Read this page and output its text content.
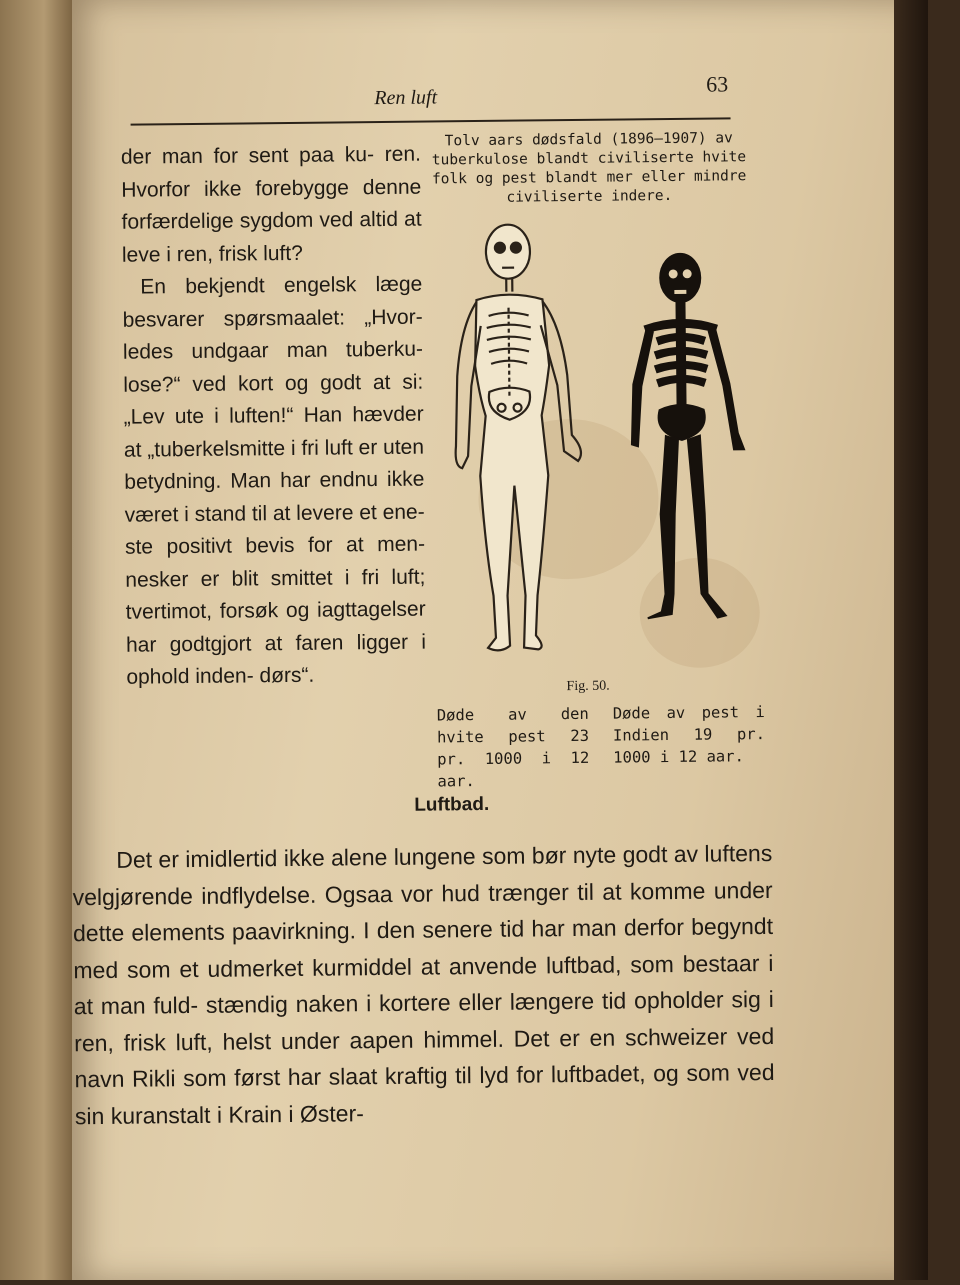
Ren luft
63

der man for sent paa ku- ren. Hvorfor ikke forebygge denne forfærdelige sygdom ved altid at leve i ren, frisk luft?

En bekjendt engelsk læge besvarer spørsmaalet: „Hvor- ledes undgaar man tuberku- lose?“ ved kort og godt at si: „Lev ute i luften!“ Han hævder at „tuberkelsmitte i fri luft er uten betydning. Man har endnu ikke været i stand til at levere et ene- ste positivt bevis for at men- nesker er blit smittet i fri luft; tvertimot, forsøk og iagttagelser har godtgjort at faren ligger i ophold inden- dørs“.

Tolv aars dødsfald (1896—1907) av tuberkulose blandt civiliserte hvite folk og pest blandt mer eller mindre civiliserte indere.
Fig. 50.
Døde av den hvite pest 23 pr. 1000 i 12 aar.
Døde av pest i Indien 19 pr. 1000 i 12 aar.
Luftbad.

Det er imidlertid ikke alene lungene som bør nyte godt av luftens velgjørende indflydelse. Ogsaa vor hud trænger til at komme under dette elements paavirkning. I den senere tid har man derfor begyndt med som et udmerket kurmiddel at anvende luftbad, som bestaar i at man fuld- stændig naken i kortere eller længere tid opholder sig i ren, frisk luft, helst under aapen himmel. Det er en schweizer ved navn Rikli som først har slaat kraftig til lyd for luftbadet, og som ved sin kuranstalt i Krain i Øster-
